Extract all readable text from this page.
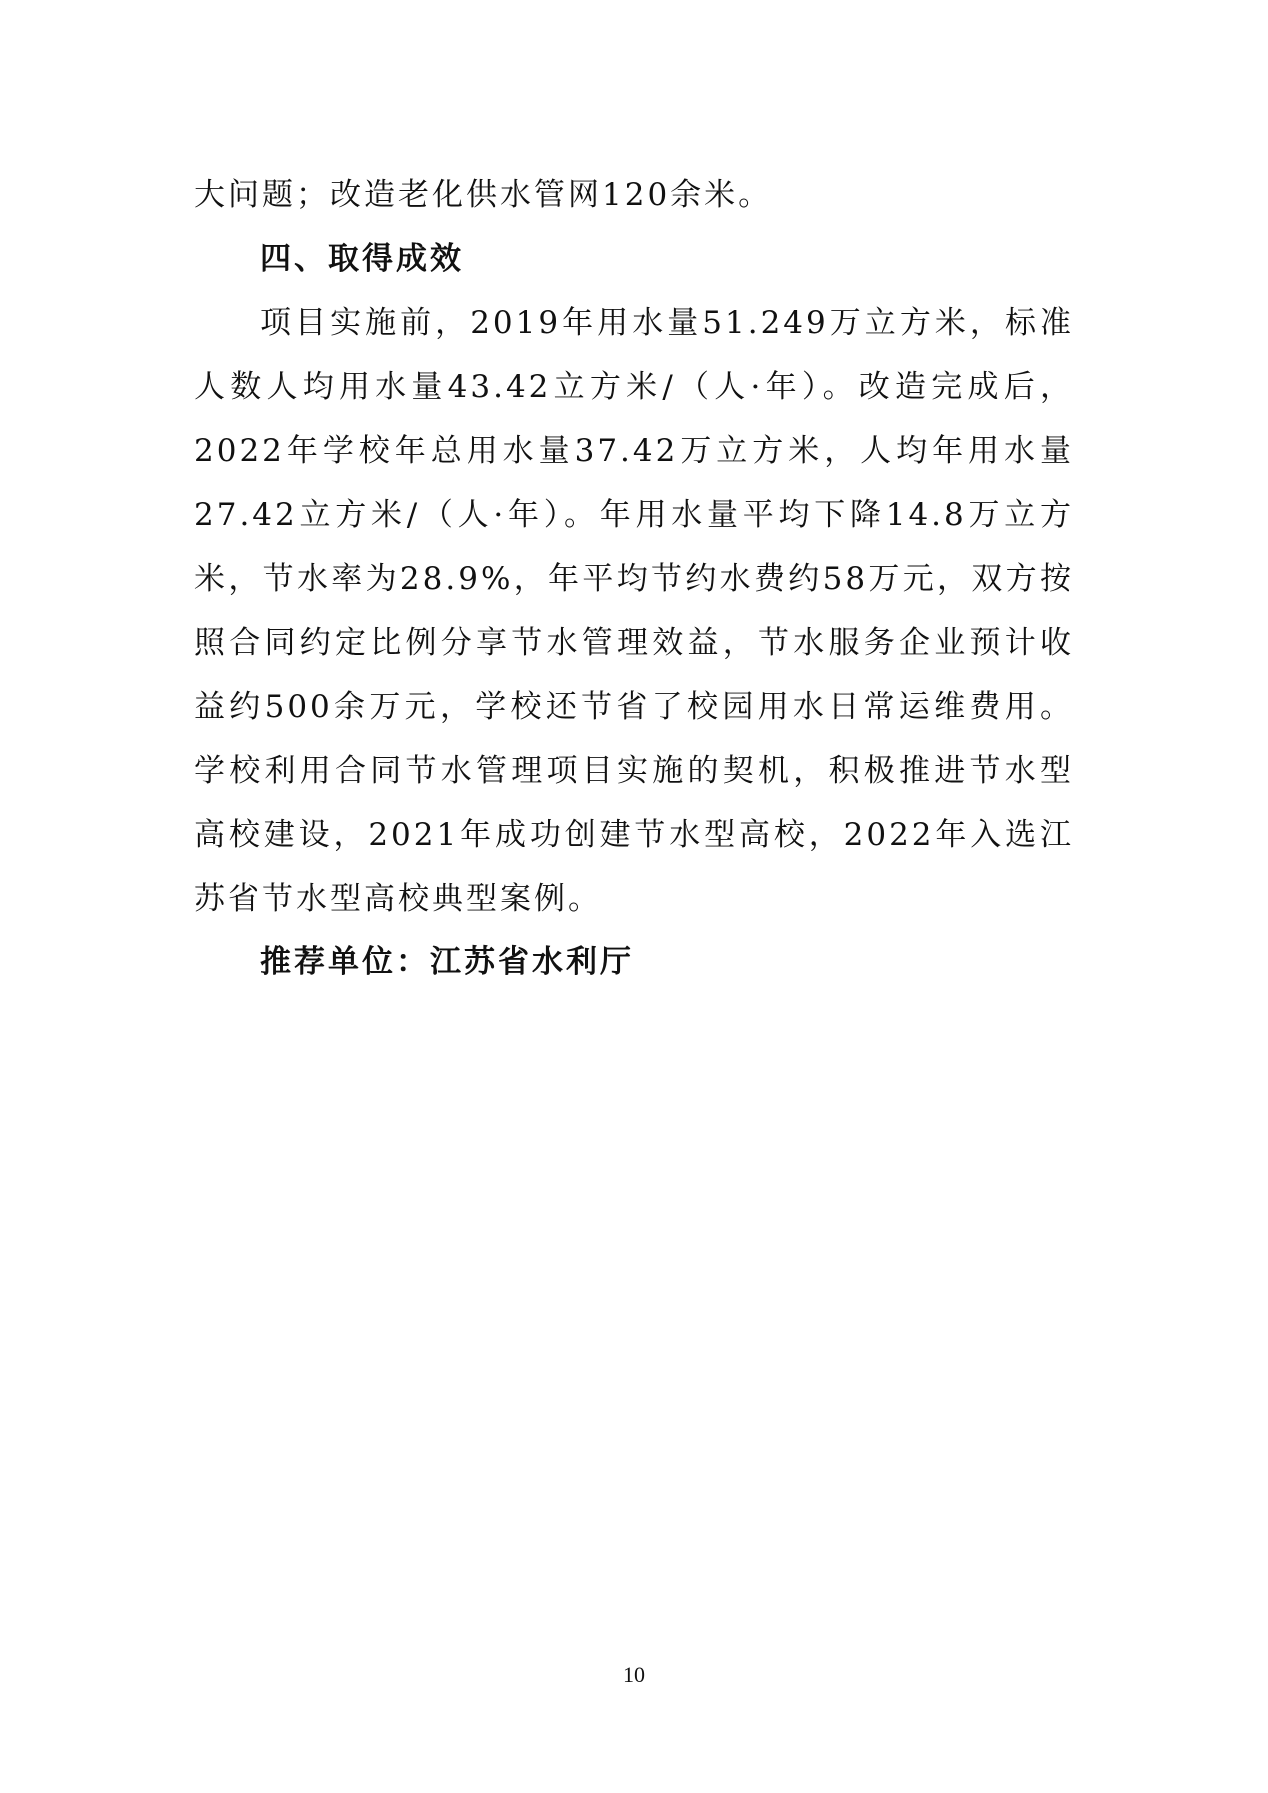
大问题；改造老化供水管网120余米。

四、取得成效

项目实施前，2019年用水量51.249万立方米，标准人数人均用水量43.42立方米/（人·年）。改造完成后，2022年学校年总用水量37.42万立方米，人均年用水量27.42立方米/（人·年）。年用水量平均下降14.8万立方米，节水率为28.9%，年平均节约水费约58万元，双方按照合同约定比例分享节水管理效益，节水服务企业预计收益约500余万元，学校还节省了校园用水日常运维费用。学校利用合同节水管理项目实施的契机，积极推进节水型高校建设，2021年成功创建节水型高校，2022年入选江苏省节水型高校典型案例。

推荐单位：江苏省水利厅

10
